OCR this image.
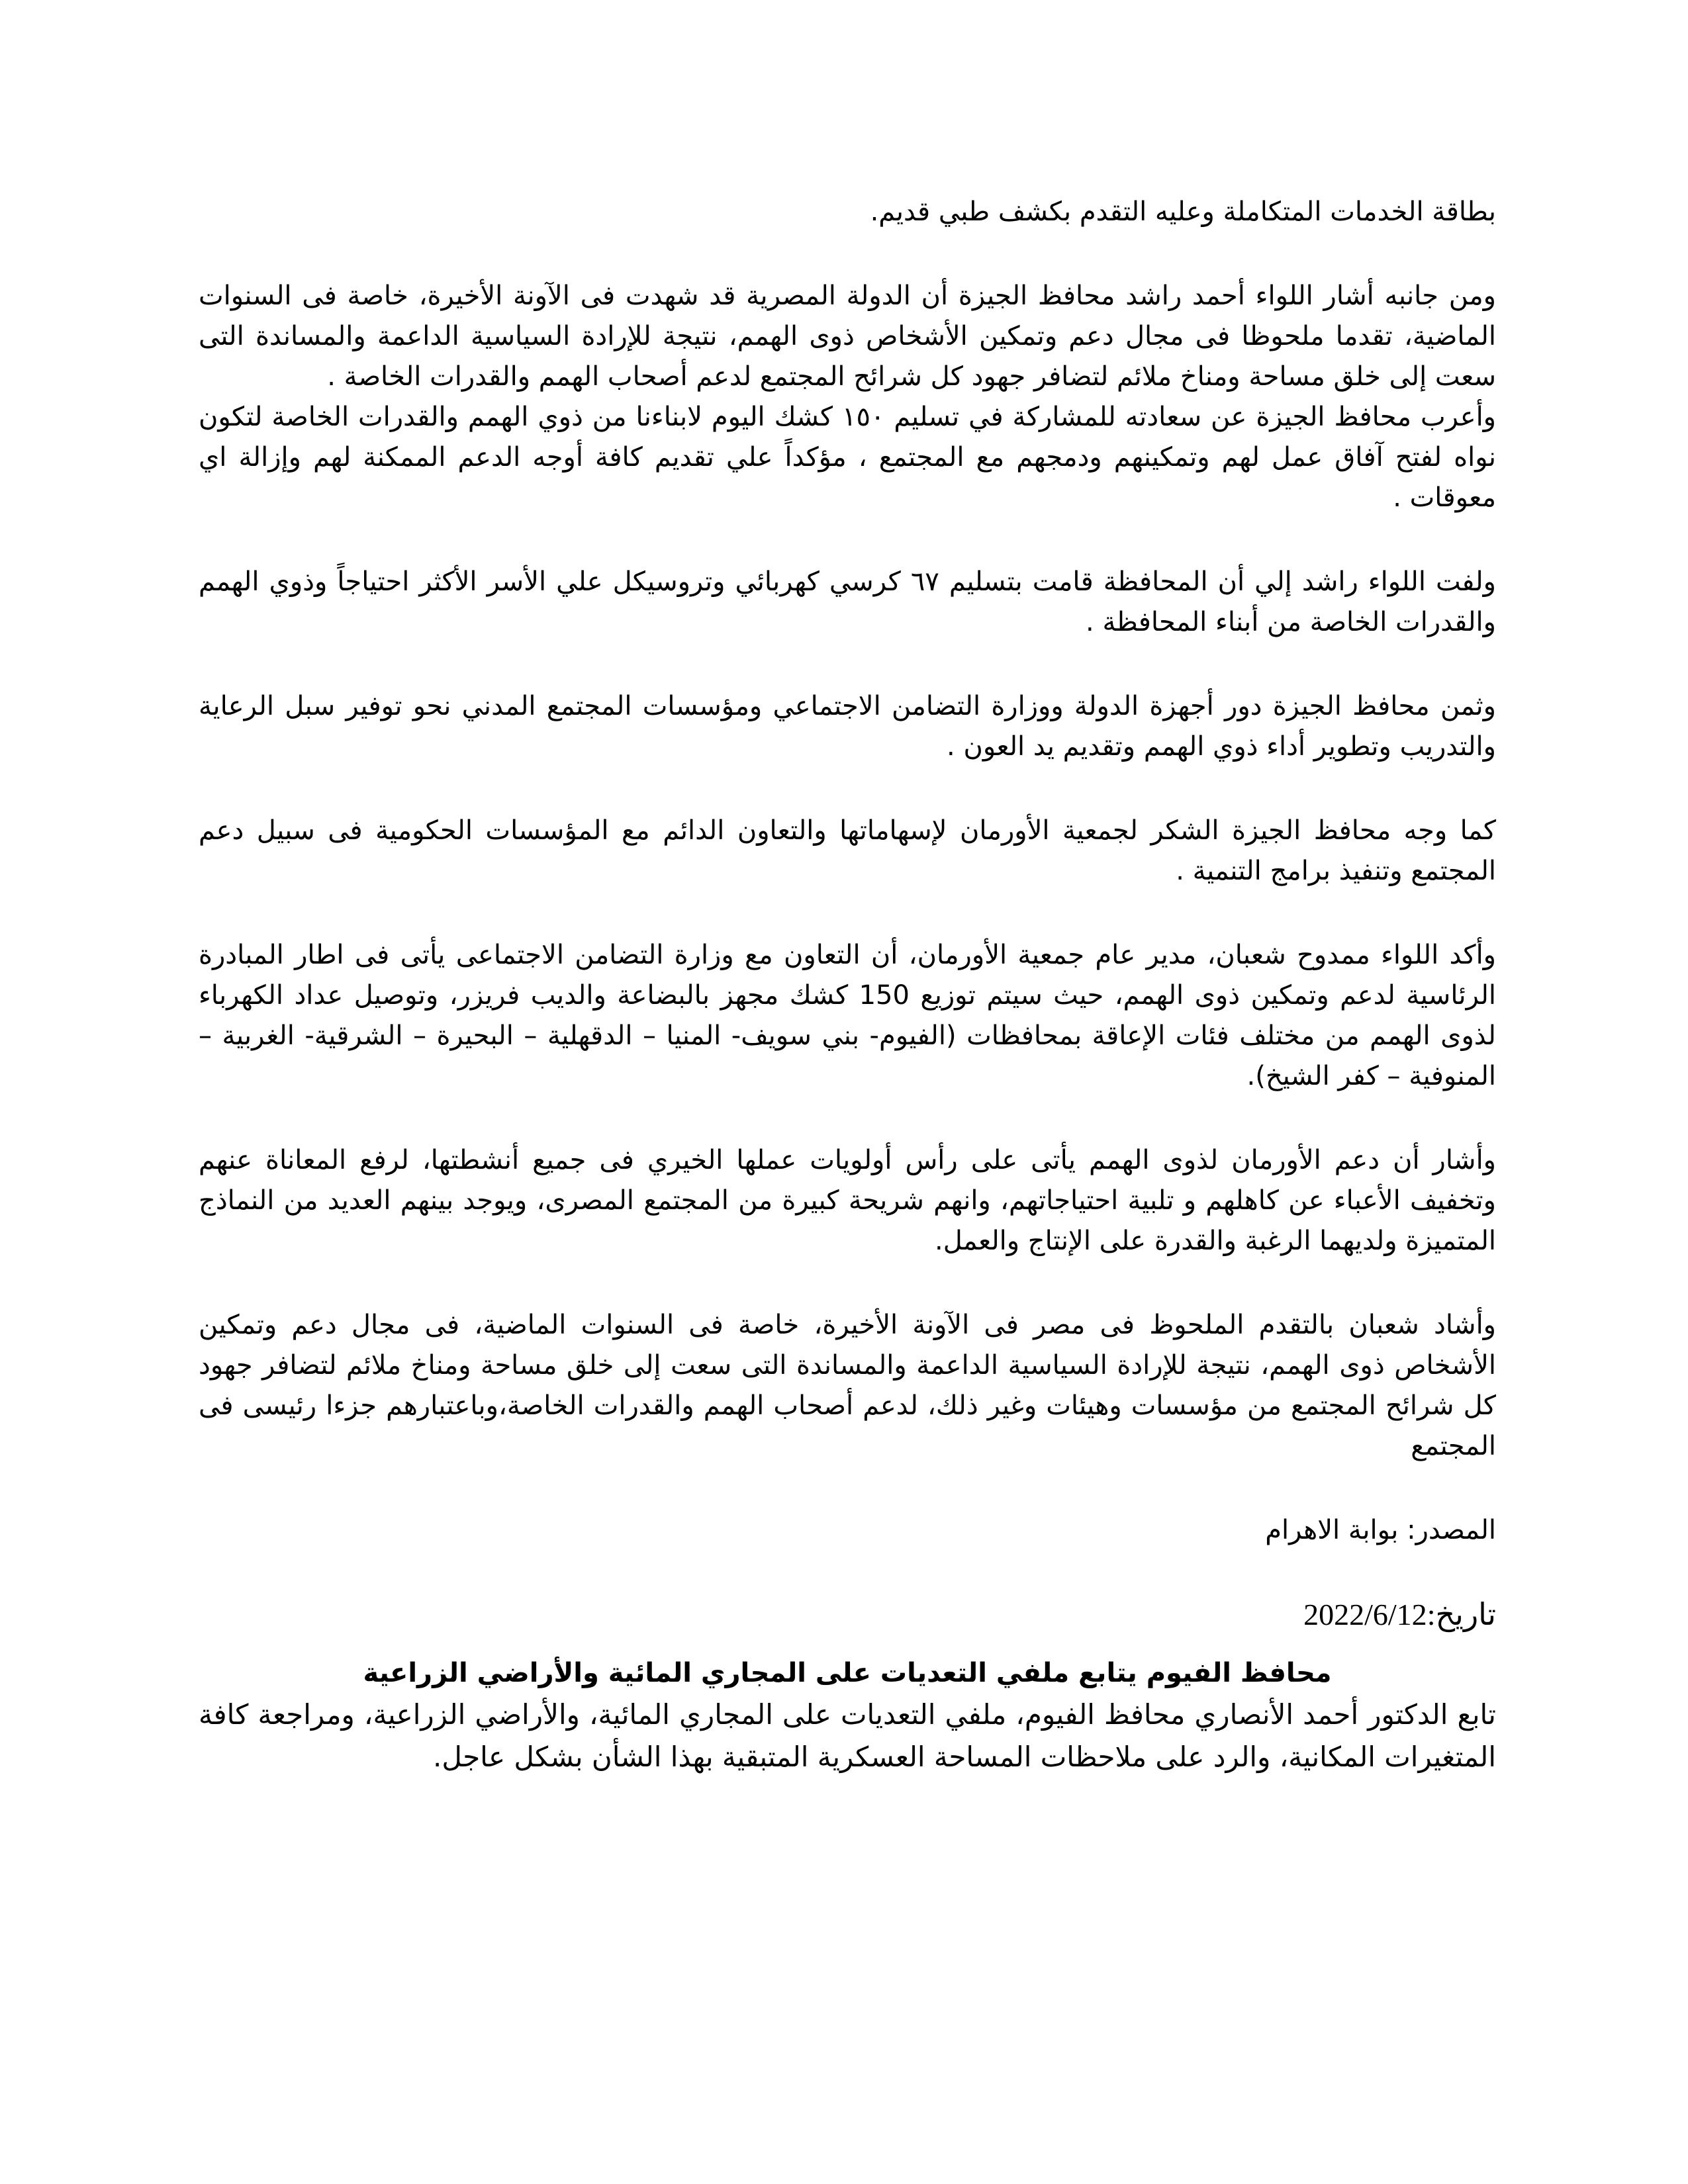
بطاقة الخدمات المتكاملة وعليه التقدم بكشف طبي قديم.

ومن جانبه أشار اللواء أحمد راشد محافظ الجيزة أن الدولة المصرية قد شهدت فى الآونة الأخيرة، خاصة فى السنوات الماضية، تقدما ملحوظا فى مجال دعم وتمكين الأشخاص ذوى الهمم، نتيجة للإرادة السياسية الداعمة والمساندة التى سعت إلى خلق مساحة ومناخ ملائم لتضافر جهود كل شرائح المجتمع لدعم أصحاب الهمم والقدرات الخاصة .

وأعرب محافظ الجيزة عن سعادته للمشاركة في تسليم ١٥٠ كشك اليوم لابناءنا من ذوي الهمم والقدرات الخاصة لتكون نواه لفتح آفاق عمل لهم وتمكينهم ودمجهم مع المجتمع ، مؤكداً علي تقديم كافة أوجه الدعم الممكنة لهم وإزالة اي معوقات .

ولفت اللواء راشد إلي أن المحافظة قامت بتسليم ٦٧ كرسي كهربائي وتروسيكل علي الأسر الأكثر احتياجاً وذوي الهمم والقدرات الخاصة من أبناء المحافظة .

وثمن محافظ الجيزة دور أجهزة الدولة ووزارة التضامن الاجتماعي ومؤسسات المجتمع المدني نحو توفير سبل الرعاية والتدريب وتطوير أداء ذوي الهمم وتقديم يد العون .

كما وجه محافظ الجيزة الشكر لجمعية الأورمان لإسهاماتها والتعاون الدائم مع المؤسسات الحكومية فى سبيل دعم المجتمع وتنفيذ برامج التنمية .

وأكد اللواء ممدوح شعبان، مدير عام جمعية الأورمان، أن التعاون مع وزارة التضامن الاجتماعى يأتى فى اطار المبادرة الرئاسية لدعم وتمكين ذوى الهمم، حيث سيتم توزيع 150 كشك مجهز بالبضاعة والديب فريزر، وتوصيل عداد الكهرباء لذوى الهمم من مختلف فئات الإعاقة بمحافظات (الفيوم- بني سويف- المنيا – الدقهلية – البحيرة – الشرقية- الغربية – المنوفية – كفر الشيخ).

وأشار أن دعم الأورمان لذوى الهمم يأتى على رأس أولويات عملها الخيري فى جميع أنشطتها، لرفع المعاناة عنهم وتخفيف الأعباء عن كاهلهم و تلبية احتياجاتهم، وانهم شريحة كبيرة من المجتمع المصرى، ويوجد بينهم العديد من النماذج المتميزة ولديهما الرغبة والقدرة على الإنتاج والعمل.

وأشاد شعبان بالتقدم الملحوظ فى مصر فى الآونة الأخيرة، خاصة فى السنوات الماضية، فى مجال دعم وتمكين الأشخاص ذوى الهمم، نتيجة للإرادة السياسية الداعمة والمساندة التى سعت إلى خلق مساحة ومناخ ملائم لتضافر جهود كل شرائح المجتمع من مؤسسات وهيئات وغير ذلك، لدعم أصحاب الهمم والقدرات الخاصة،وباعتبارهم جزءا رئيسى فى المجتمع

المصدر: بوابة الاهرام

تاريخ:2022/6/12

محافظ الفيوم يتابع ملفي التعديات على المجاري المائية والأراضي الزراعية

تابع الدكتور أحمد الأنصاري محافظ الفيوم، ملفي التعديات على المجاري المائية، والأراضي الزراعية، ومراجعة كافة المتغيرات المكانية، والرد على ملاحظات المساحة العسكرية المتبقية بهذا الشأن بشكل عاجل.
